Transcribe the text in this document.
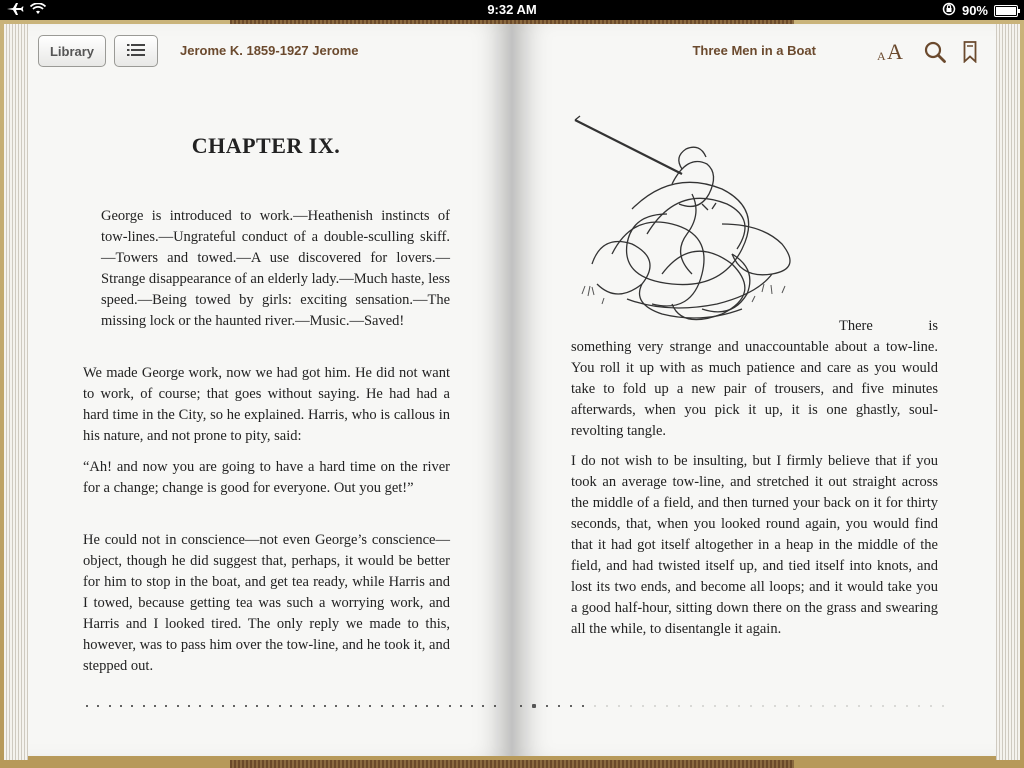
9:32 AM	90%
Library	Jerome K. 1859-1927 Jerome	Three Men in a Boat	A A
CHAPTER IX.
George is introduced to work.—Heathenish instincts of tow-lines.—Ungrateful conduct of a double-sculling skiff.—Towers and towed.—A use discovered for lovers.—Strange disappearance of an elderly lady.—Much haste, less speed.—Being towed by girls: exciting sensation.—The missing lock or the haunted river.—Music.—Saved!
We made George work, now we had got him. He did not want to work, of course; that goes without saying. He had had a hard time in the City, so he explained. Harris, who is callous in his nature, and not prone to pity, said:
“Ah! and now you are going to have a hard time on the river for a change; change is good for everyone. Out you get!”
He could not in conscience—not even George’s conscience—object, though he did suggest that, perhaps, it would be better for him to stop in the boat, and get tea ready, while Harris and I towed, because getting tea was such a worrying work, and Harris and I looked tired. The only reply we made to this, however, was to pass him over the tow-line, and he took it, and stepped out.
There is something very strange and unaccountable about a tow-line. You roll it up with as much patience and care as you would take to fold up a new pair of trousers, and five minutes afterwards, when you pick it up, it is one ghastly, soul-revolting tangle.
I do not wish to be insulting, but I firmly believe that if you took an average tow-line, and stretched it out straight across the middle of a field, and then turned your back on it for thirty seconds, that, when you looked round again, you would find that it had got itself altogether in a heap in the middle of the field, and had twisted itself up, and tied itself into knots, and lost its two ends, and become all loops; and it would take you a good half-hour, sitting down there on the grass and swearing all the while, to disentangle it again.
